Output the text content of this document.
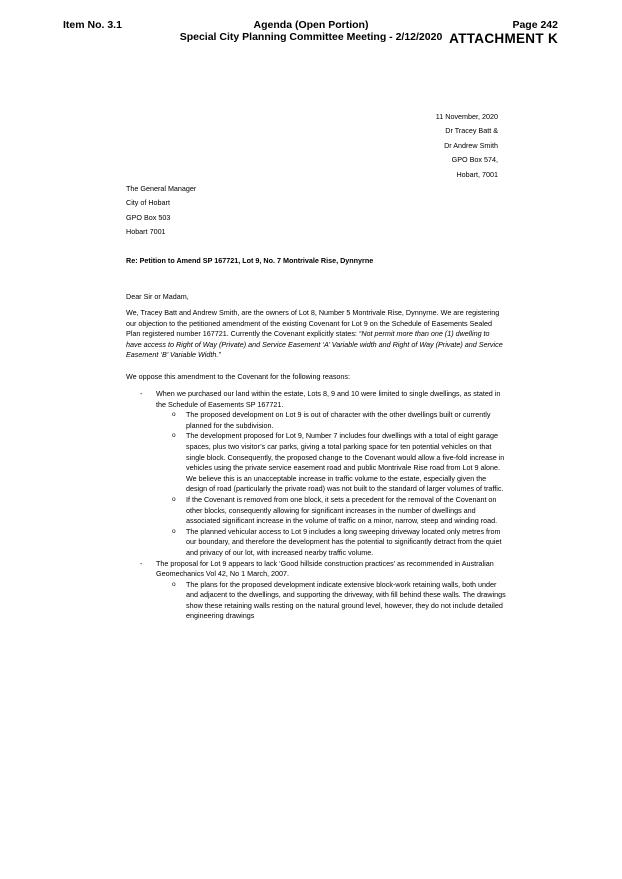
Item No. 3.1	Agenda (Open Portion)
Special City Planning Committee Meeting - 2/12/2020
Page 242
ATTACHMENT K
11 November, 2020
Dr Tracey Batt &
Dr Andrew Smith
GPO Box 574,
Hobart, 7001
The General Manager
City of Hobart
GPO Box 503
Hobart 7001
Re: Petition to Amend SP 167721, Lot 9, No. 7 Montrivale Rise, Dynnyrne
Dear Sir or Madam,
We, Tracey Batt and Andrew Smith, are the owners of Lot 8, Number 5 Montrivale Rise, Dynnyrne. We are registering our objection to the petitioned amendment of the existing Covenant for Lot 9 on the Schedule of Easements Sealed Plan registered number 167721. Currently the Covenant explicitly states: “Not permit more than one (1) dwelling to have access to Right of Way (Private) and Service Easement ‘A’ Variable width and Right of Way (Private) and Service Easement ‘B’ Variable Width.”
We oppose this amendment to the Covenant for the following reasons:
- When we purchased our land within the estate, Lots 8, 9 and 10 were limited to single dwellings, as stated in the Schedule of Easements SP 167721.
o The proposed development on Lot 9 is out of character with the other dwellings built or currently planned for the subdivision.
o The development proposed for Lot 9, Number 7 includes four dwellings with a total of eight garage spaces, plus two visitor’s car parks, giving a total parking space for ten potential vehicles on that single block. Consequently, the proposed change to the Covenant would allow a five-fold increase in vehicles using the private service easement road and public Montrivale Rise road from Lot 9 alone. We believe this is an unacceptable increase in traffic volume to the estate, especially given the design of road (particularly the private road) was not built to the standard of larger volumes of traffic.
o If the Covenant is removed from one block, it sets a precedent for the removal of the Covenant on other blocks, consequently allowing for significant increases in the number of dwellings and associated significant increase in the volume of traffic on a minor, narrow, steep and winding road.
o The planned vehicular access to Lot 9 includes a long sweeping driveway located only metres from our boundary, and therefore the development has the potential to significantly detract from the quiet and privacy of our lot, with increased nearby traffic volume.
- The proposal for Lot 9 appears to lack ‘Good hillside construction practices’ as recommended in Australian Geomechanics Vol 42, No 1 March, 2007.
o The plans for the proposed development indicate extensive block-work retaining walls, both under and adjacent to the dwellings, and supporting the driveway, with fill behind these walls. The drawings show these retaining walls resting on the natural ground level, however, they do not include detailed engineering drawings
